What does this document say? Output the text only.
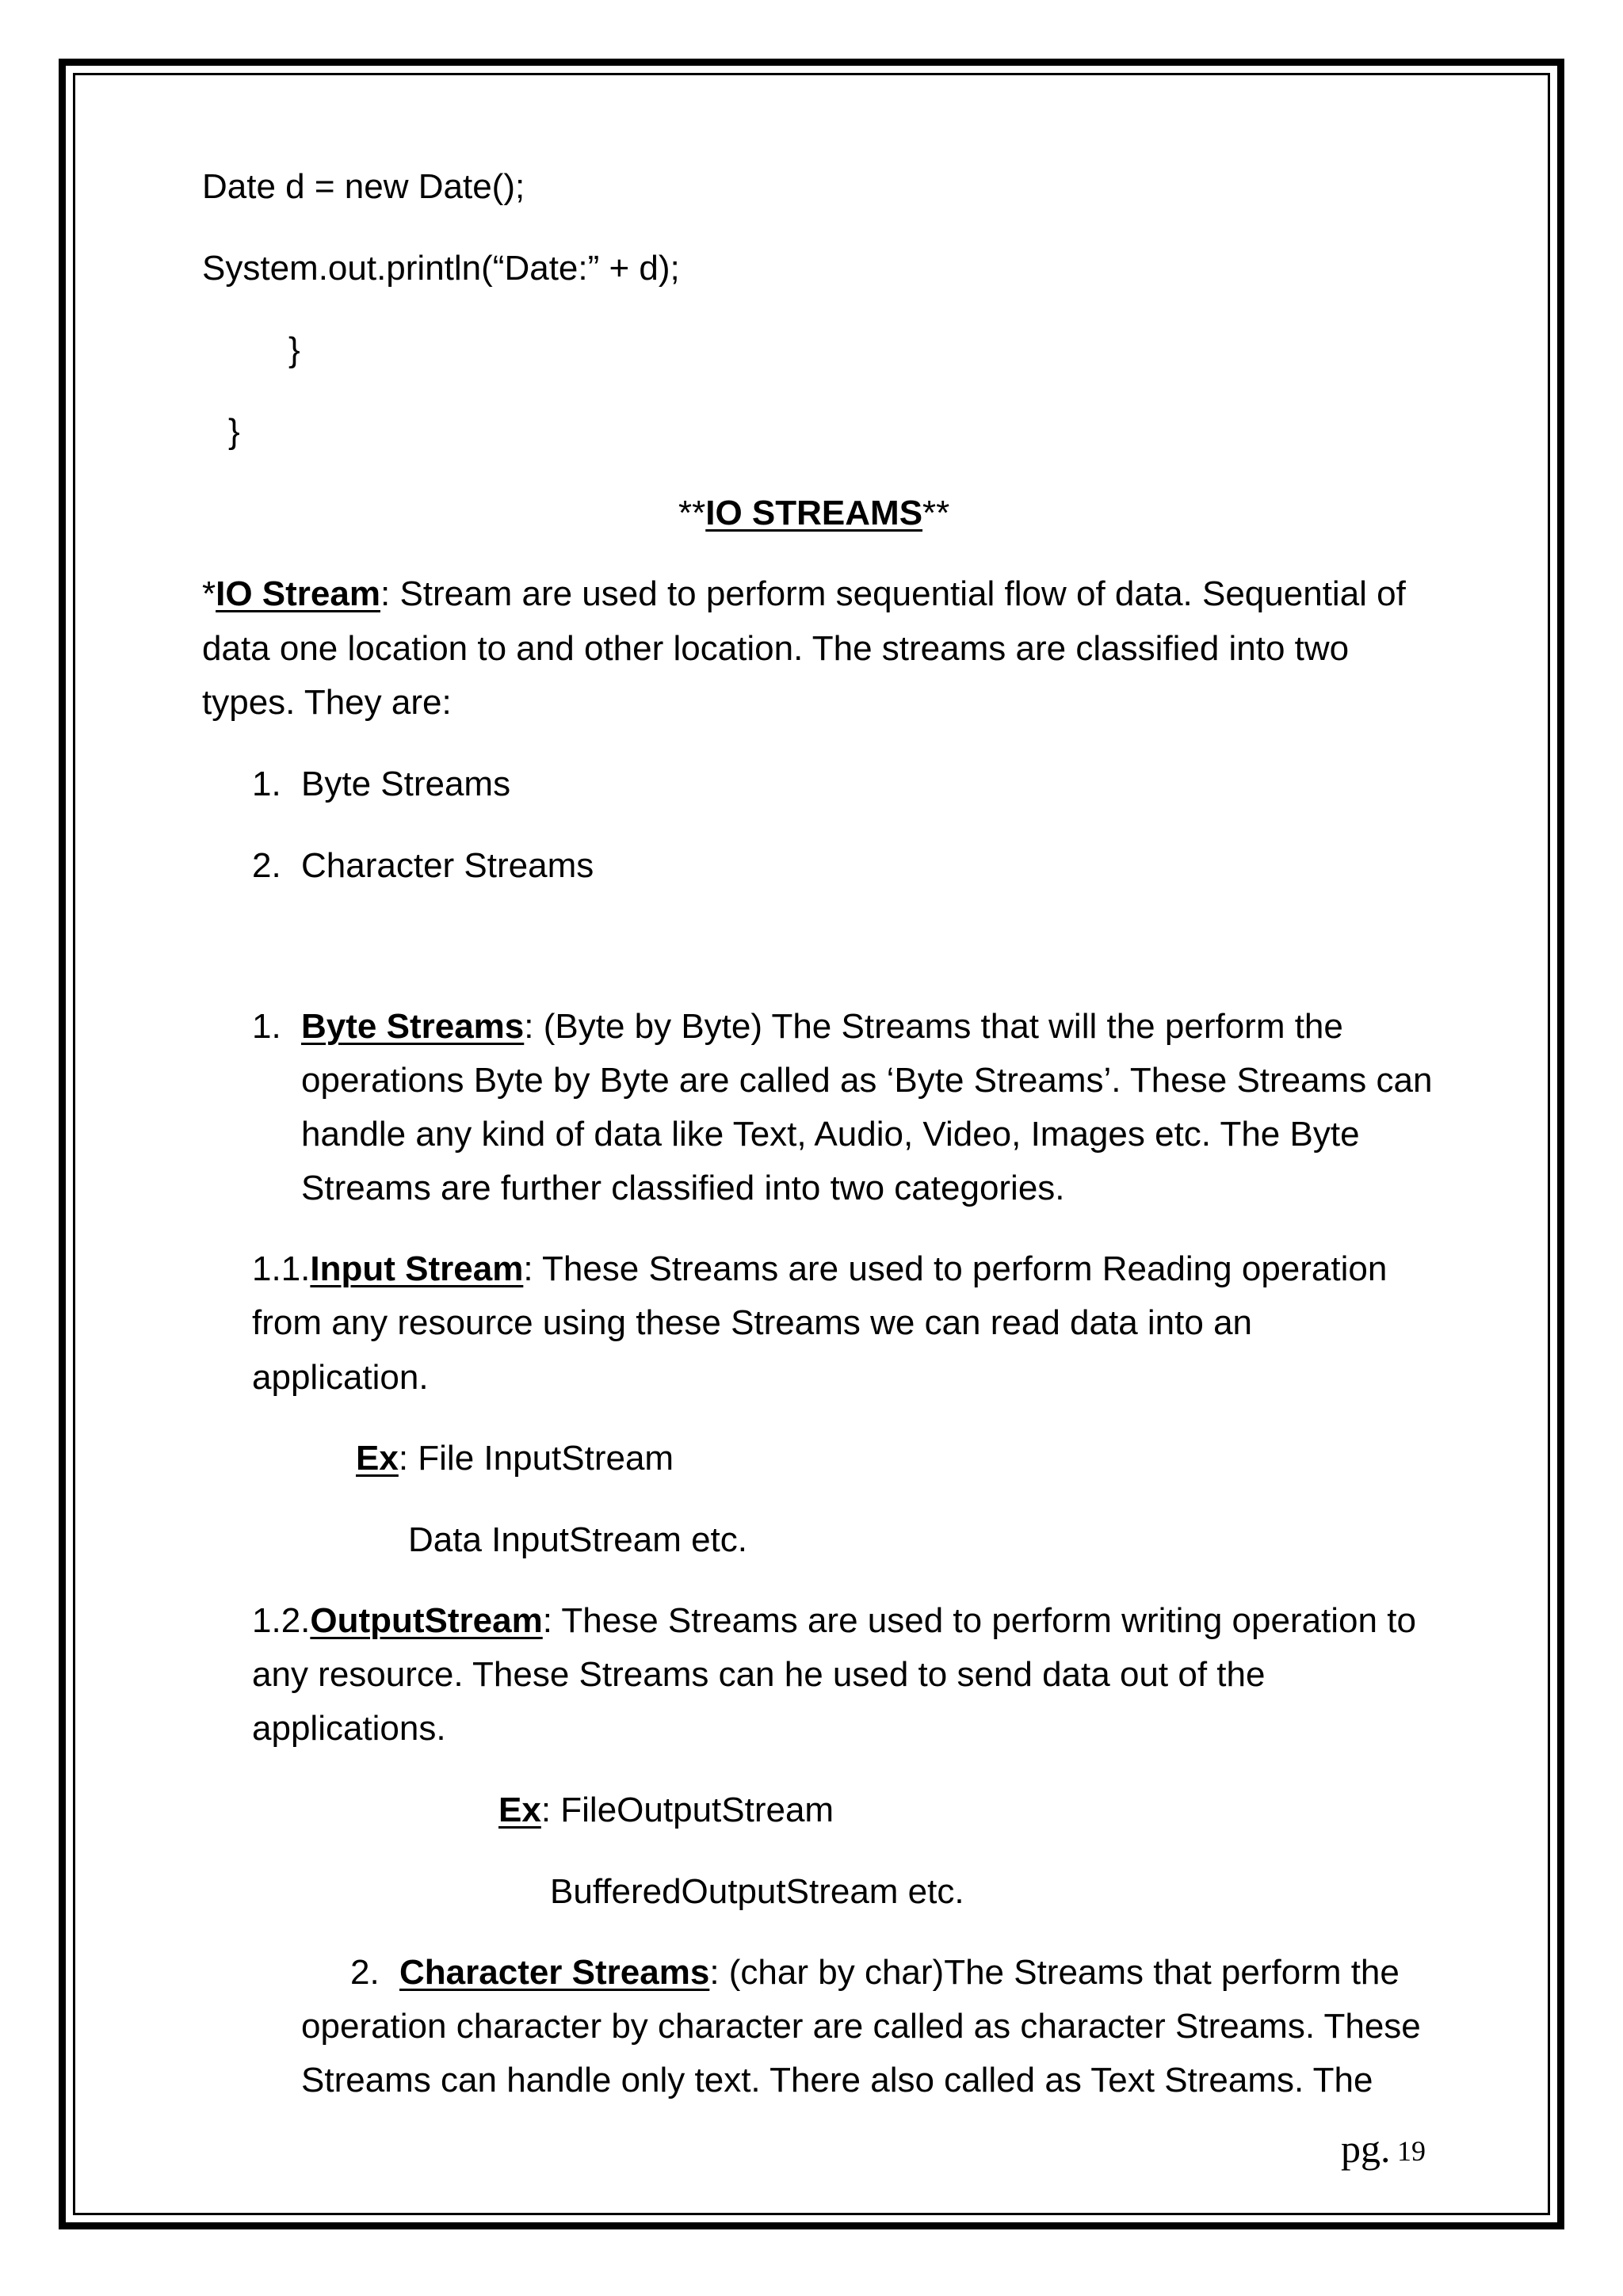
Date d = new Date();
System.out.println(“Date:” + d);
}
}
**IO STREAMS**
*IO Stream: Stream are used to perform sequential flow of data. Sequential of
data one location to and other location. The streams are classified into two
types. They are:
1. Byte Streams
2. Character Streams
1. Byte Streams: (Byte by Byte) The Streams that will the perform the
operations Byte by Byte are called as ‘Byte Streams’. These Streams can
handle any kind of data like Text, Audio, Video, Images etc. The Byte
Streams are further classified into two categories.
1.1.Input Stream: These Streams are used to perform Reading operation
from any resource using these Streams we can read data into an
application.
Ex: File InputStream
Data InputStream etc.
1.2.OutputStream: These Streams are used to perform writing operation to
any resource. These Streams can he used to send data out of the
applications.
Ex: FileOutputStream
BufferedOutputStream etc.
2. Character Streams: (char by char)The Streams that perform the
operation character by character are called as character Streams. These
Streams can handle only text. There also called as Text Streams. The
pg. 19
